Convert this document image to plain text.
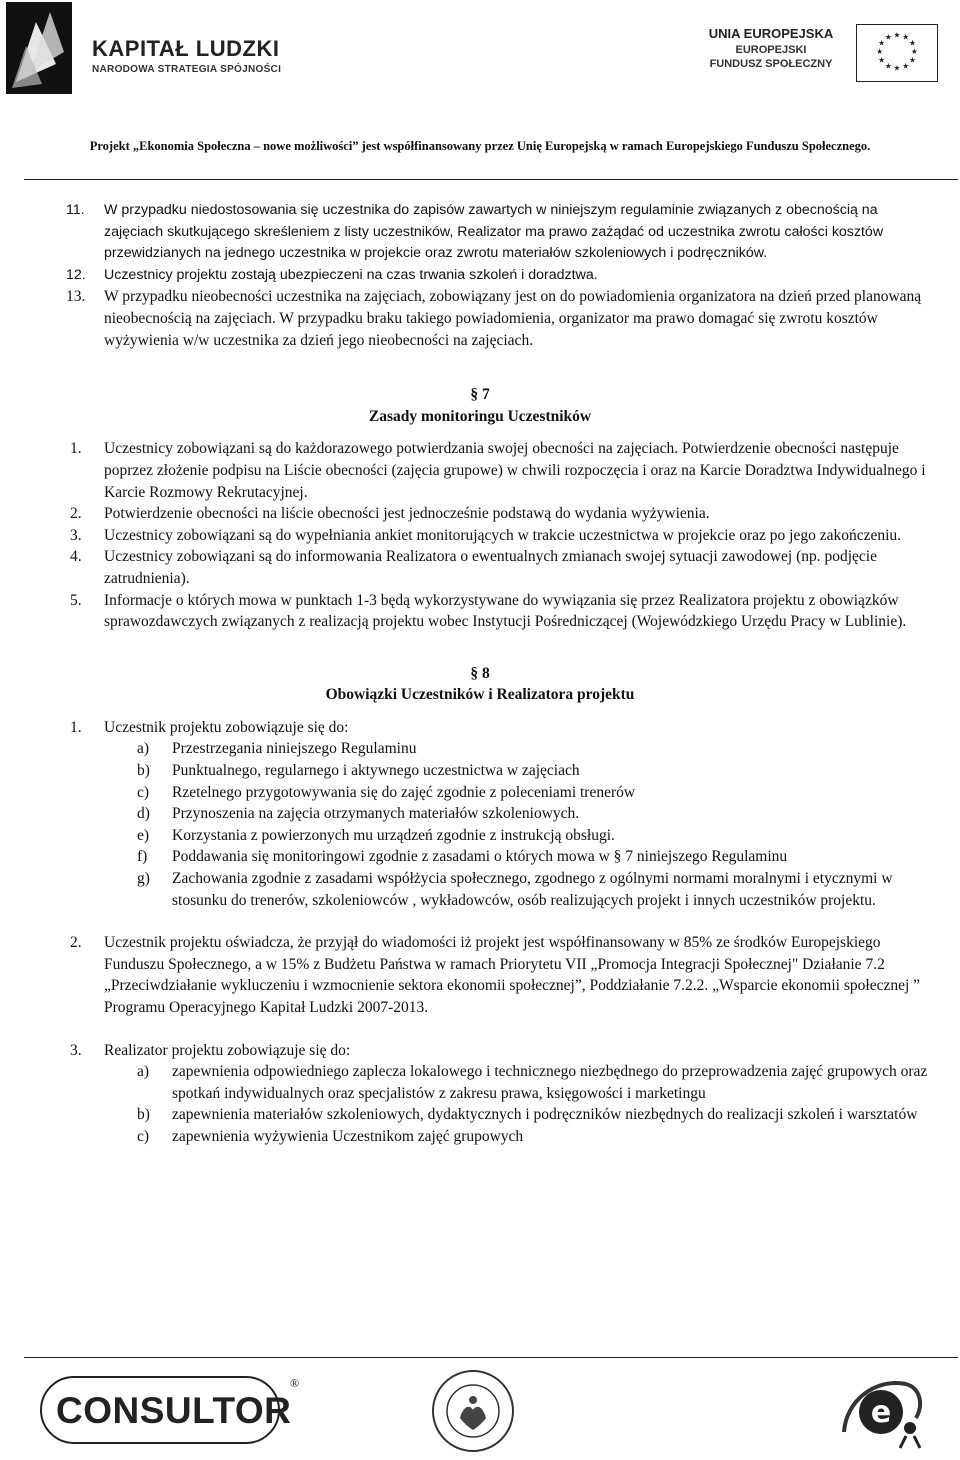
KAPITAŁ LUDZKI
NARODOWA STRATEGIA SPÓJNOŚCI
UNIA EUROPEJSKA
EUROPEJSKI
FUNDUSZ SPOŁECZNY
★ ★
★
★
★
★
★
★
★
★
★
★
Projekt „Ekonomia Społeczna – nowe możliwości” jest współfinansowany przez Unię Europejską w ramach Europejskiego Funduszu Społecznego.
11. W przypadku niedostosowania się uczestnika do zapisów zawartych w niniejszym regulaminie związanych z obecnością na zajęciach skutkującego skreśleniem z listy uczestników, Realizator ma prawo zażądać od uczestnika zwrotu całości kosztów przewidzianych na jednego uczestnika w projekcie oraz zwrotu materiałów szkoleniowych i podręczników.
12. Uczestnicy projektu zostają ubezpieczeni na czas trwania szkoleń i doradztwa.
13. W przypadku nieobecności uczestnika na zajęciach, zobowiązany jest on do powiadomienia organizatora na dzień przed planowaną nieobecnością na zajęciach. W przypadku braku takiego powiadomienia, organizator ma prawo domagać się zwrotu kosztów wyżywienia w/w uczestnika za dzień jego nieobecności na zajęciach.
§ 7
Zasady monitoringu Uczestników
1. Uczestnicy zobowiązani są do każdorazowego potwierdzania swojej obecności na zajęciach. Potwierdzenie obecności następuje poprzez złożenie podpisu na Liście obecności (zajęcia grupowe) w chwili rozpoczęcia i oraz na Karcie Doradztwa Indywidualnego i Karcie Rozmowy Rekrutacyjnej.
2. Potwierdzenie obecności na liście obecności jest jednocześnie podstawą do wydania wyżywienia.
3. Uczestnicy zobowiązani są do wypełniania ankiet monitorujących w trakcie uczestnictwa w projekcie oraz po jego zakończeniu.
4. Uczestnicy zobowiązani są do informowania Realizatora o ewentualnych zmianach swojej sytuacji zawodowej (np. podjęcie zatrudnienia).
5. Informacje o których mowa w punktach 1-3 będą wykorzystywane do wywiązania się przez Realizatora projektu z obowiązków sprawozdawczych związanych z realizacją projektu wobec Instytucji Pośredniczącej (Wojewódzkiego Urzędu Pracy w Lublinie).
§ 8
Obowiązki Uczestników i Realizatora projektu
1. Uczestnik projektu zobowiązuje się do:
a) Przestrzegania niniejszego Regulaminu
b) Punktualnego, regularnego i aktywnego uczestnictwa w zajęciach
c) Rzetelnego przygotowywania się do zajęć zgodnie z poleceniami trenerów
d) Przynoszenia na zajęcia otrzymanych materiałów szkoleniowych.
e) Korzystania z powierzonych mu urządzeń zgodnie z instrukcją obsługi.
f) Poddawania się monitoringowi zgodnie z zasadami o których mowa w § 7 niniejszego Regulaminu
g) Zachowania zgodnie z zasadami współżycia społecznego, zgodnego z ogólnymi normami moralnymi i etycznymi w stosunku do trenerów, szkoleniowców , wykładowców, osób realizujących projekt i innych uczestników projektu.
2. Uczestnik projektu oświadcza, że przyjął do wiadomości iż projekt jest współfinansowany w 85% ze środków Europejskiego Funduszu Społecznego, a w 15% z Budżetu Państwa w ramach Priorytetu VII „Promocja Integracji Społecznej" Działanie 7.2 „Przeciwdziałanie wykluczeniu i wzmocnienie sektora ekonomii społecznej”, Poddziałanie 7.2.2. „Wsparcie ekonomii społecznej ” Programu Operacyjnego Kapitał Ludzki 2007-2013.
3. Realizator projektu zobowiązuje się do:
a) zapewnienia odpowiedniego zaplecza lokalowego i technicznego niezbędnego do przeprowadzenia zajęć grupowych oraz spotkań indywidualnych oraz specjalistów z zakresu prawa, księgowości i marketingu
b) zapewnienia materiałów szkoleniowych, dydaktycznych i podręczników niezbędnych do realizacji szkoleń i warsztatów
c) zapewnienia wyżywienia Uczestnikom zajęć grupowych
CONSULTOR
®
e
